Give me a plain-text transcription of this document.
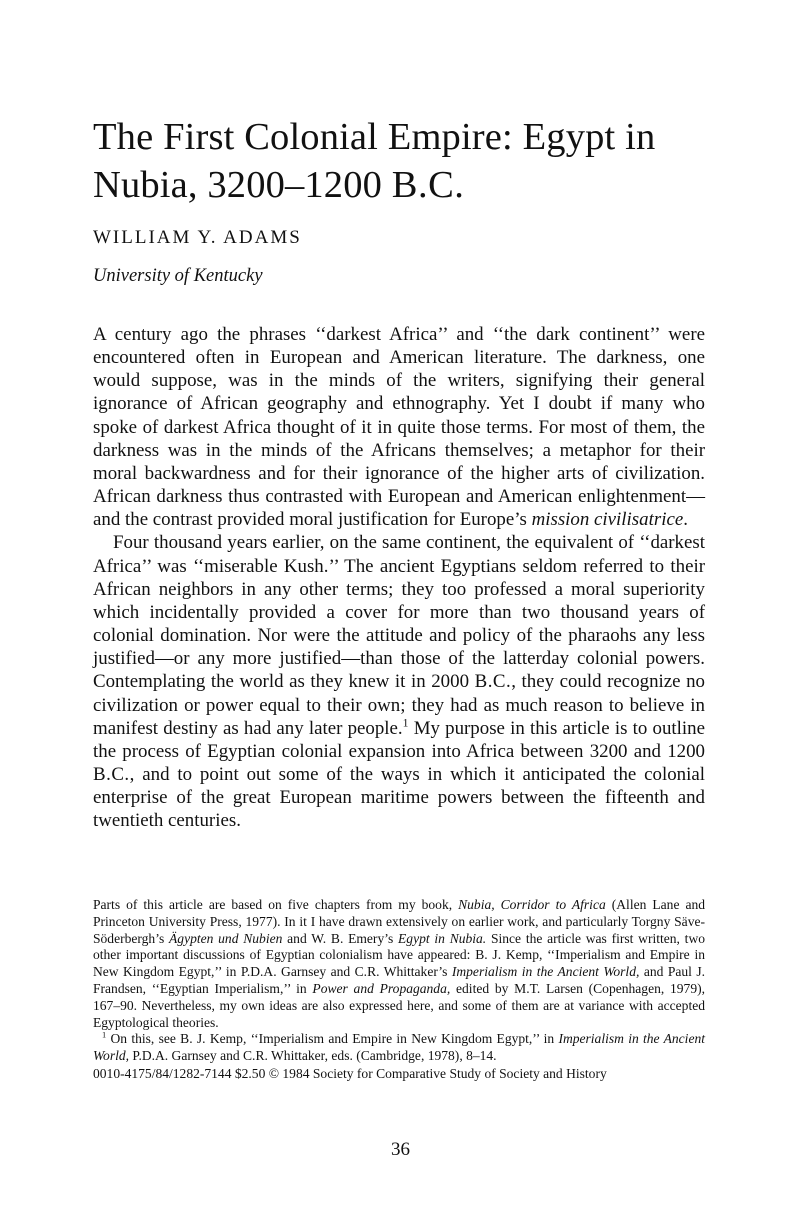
The First Colonial Empire: Egypt in Nubia, 3200–1200 B.C.

WILLIAM Y. ADAMS

University of Kentucky

A century ago the phrases ‘‘darkest Africa’’ and ‘‘the dark continent’’ were encountered often in European and American literature. The darkness, one would suppose, was in the minds of the writers, signifying their general ignorance of African geography and ethnography. Yet I doubt if many who spoke of darkest Africa thought of it in quite those terms. For most of them, the darkness was in the minds of the Africans themselves; a metaphor for their moral backwardness and for their ignorance of the higher arts of civilization. African darkness thus contrasted with European and American enlightenment—and the contrast provided moral justification for Europe’s mission civilisatrice.

Four thousand years earlier, on the same continent, the equivalent of ‘‘darkest Africa’’ was ‘‘miserable Kush.’’ The ancient Egyptians seldom referred to their African neighbors in any other terms; they too professed a moral superiority which incidentally provided a cover for more than two thousand years of colonial domination. Nor were the attitude and policy of the pharaohs any less justified—or any more justified—than those of the latterday colonial powers. Contemplating the world as they knew it in 2000 B.C., they could recognize no civilization or power equal to their own; they had as much reason to believe in manifest destiny as had any later people.$^1$ My purpose in this article is to outline the process of Egyptian colonial expansion into Africa between 3200 and 1200 B.C., and to point out some of the ways in which it anticipated the colonial enterprise of the great European maritime powers between the fifteenth and twentieth centuries.

Parts of this article are based on five chapters from my book, Nubia, Corridor to Africa (Allen Lane and Princeton University Press, 1977). In it I have drawn extensively on earlier work, and particularly Torgny Säve-Söderbergh’s Ägypten und Nubien and W. B. Emery’s Egypt in Nubia. Since the article was first written, two other important discussions of Egyptian colonialism have appeared: B. J. Kemp, ‘‘Imperialism and Empire in New Kingdom Egypt,’’ in P.D.A. Garnsey and C.R. Whittaker’s Imperialism in the Ancient World, and Paul J. Frandsen, ‘‘Egyptian Imperialism,’’ in Power and Propaganda, edited by M.T. Larsen (Copenhagen, 1979), 167–90. Nevertheless, my own ideas are also expressed here, and some of them are at variance with accepted Egyptological theories.

$^1$ On this, see B. J. Kemp, ‘‘Imperialism and Empire in New Kingdom Egypt,’’ in Imperialism in the Ancient World, P.D.A. Garnsey and C.R. Whittaker, eds. (Cambridge, 1978), 8–14.

0010-4175/84/1282-7144 $2.50 © 1984 Society for Comparative Study of Society and History

36
